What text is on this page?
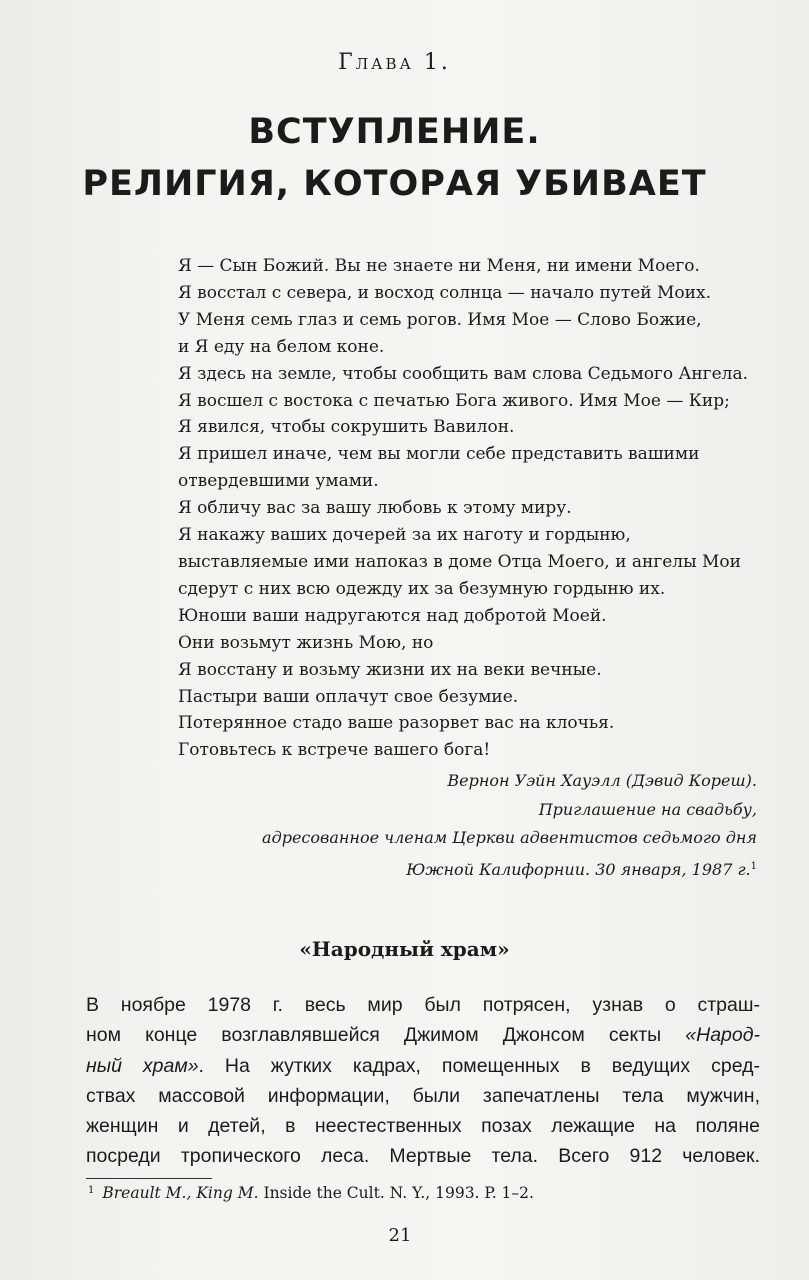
Глава 1.
ВСТУПЛЕНИЕ.
РЕЛИГИЯ, КОТОРАЯ УБИВАЕТ
Я — Сын Божий. Вы не знаете ни Меня, ни имени Моего.
Я восстал с севера, и восход солнца — начало путей Моих.
У Меня семь глаз и семь рогов. Имя Мое — Слово Божие,
и Я еду на белом коне.
Я здесь на земле, чтобы сообщить вам слова Седьмого Ангела.
Я восшел с востока с печатью Бога живого. Имя Мое — Кир;
Я явился, чтобы сокрушить Вавилон.
Я пришел иначе, чем вы могли себе представить вашими
отвердевшими умами.
Я обличу вас за вашу любовь к этому миру.
Я накажу ваших дочерей за их наготу и гордыню,
выставляемые ими напоказ в доме Отца Моего, и ангелы Мои
сдерут с них всю одежду их за безумную гордыню их.
Юноши ваши надругаются над добротой Моей.
Они возьмут жизнь Мою, но
Я восстану и возьму жизни их на веки вечные.
Пастыри ваши оплачут свое безумие.
Потерянное стадо ваше разорвет вас на клочья.
Готовьтесь к встрече вашего бога!
Вернон Уэйн Хауэлл (Дэвид Кореш).
Приглашение на свадьбу,
адресованное членам Церкви адвентистов седьмого дня
Южной Калифорнии. 30 января, 1987 г.$^1$
«Народный храм»
В ноябре 1978 г. весь мир был потрясен, узнав о страш-
ном конце возглавлявшейся Джимом Джонсом секты «Народ-
ный храм». На жутких кадрах, помещенных в ведущих сред-
ствах массовой информации, были запечатлены тела мужчин,
женщин и детей, в неестественных позах лежащие на поляне
посреди тропического леса. Мертвые тела. Всего 912 человек.
$^1$ Breault M., King M. Inside the Cult. N. Y., 1993. P. 1–2.
21
